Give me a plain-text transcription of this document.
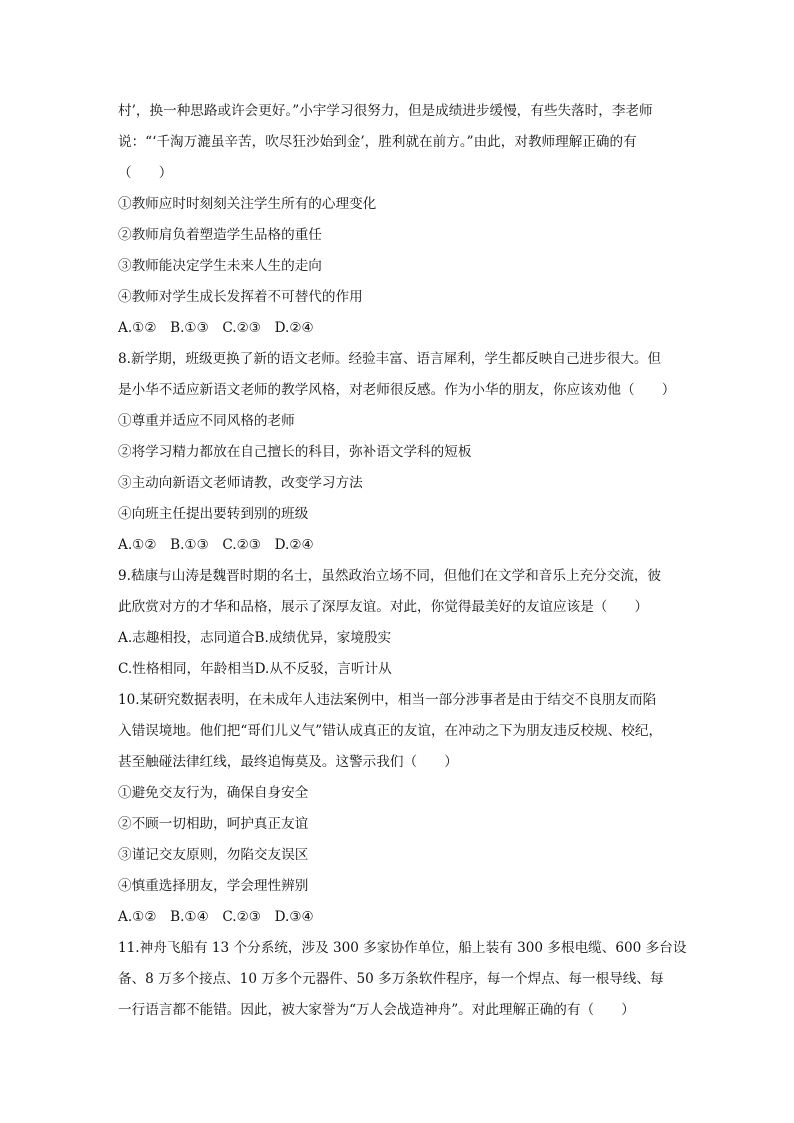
村’，换一种思路或许会更好。”小宇学习很努力，但是成绩进步缓慢，有些失落时，李老师
说：“‘千淘万漉虽辛苦，吹尽狂沙始到金’，胜利就在前方。”由此，对教师理解正确的有
（　　）
①教师应时时刻刻关注学生所有的心理变化
②教师肩负着塑造学生品格的重任
③教师能决定学生未来人生的走向
④教师对学生成长发挥着不可替代的作用
A.①②　B.①③　C.②③　D.②④
8.新学期，班级更换了新的语文老师。经验丰富、语言犀利，学生都反映自己进步很大。但
是小华不适应新语文老师的教学风格，对老师很反感。作为小华的朋友，你应该劝他（　　）
①尊重并适应不同风格的老师
②将学习精力都放在自己擅长的科目，弥补语文学科的短板
③主动向新语文老师请教，改变学习方法
④向班主任提出要转到别的班级
A.①②　B.①③　C.②③　D.②④
9.嵇康与山涛是魏晋时期的名士，虽然政治立场不同，但他们在文学和音乐上充分交流，彼
此欣赏对方的才华和品格，展示了深厚友谊。对此，你觉得最美好的友谊应该是（　　）
A.志趣相投，志同道合B.成绩优异，家境殷实
C.性格相同，年龄相当D.从不反驳，言听计从
10.某研究数据表明，在未成年人违法案例中，相当一部分涉事者是由于结交不良朋友而陷
入错误境地。他们把“哥们儿义气”错认成真正的友谊，在冲动之下为朋友违反校规、校纪，
甚至触碰法律红线，最终追悔莫及。这警示我们（　　）
①避免交友行为，确保自身安全
②不顾一切相助，呵护真正友谊
③谨记交友原则，勿陷交友误区
④慎重选择朋友，学会理性辨别
A.①②　B.①④　C.②③　D.③④
11.神舟飞船有 13 个分系统，涉及 300 多家协作单位，船上装有 300 多根电缆、600 多台设
备、8 万多个接点、10 万多个元器件、50 多万条软件程序，每一个焊点、每一根导线、每
一行语言都不能错。因此，被大家誉为“万人会战造神舟”。对此理解正确的有（　　）
